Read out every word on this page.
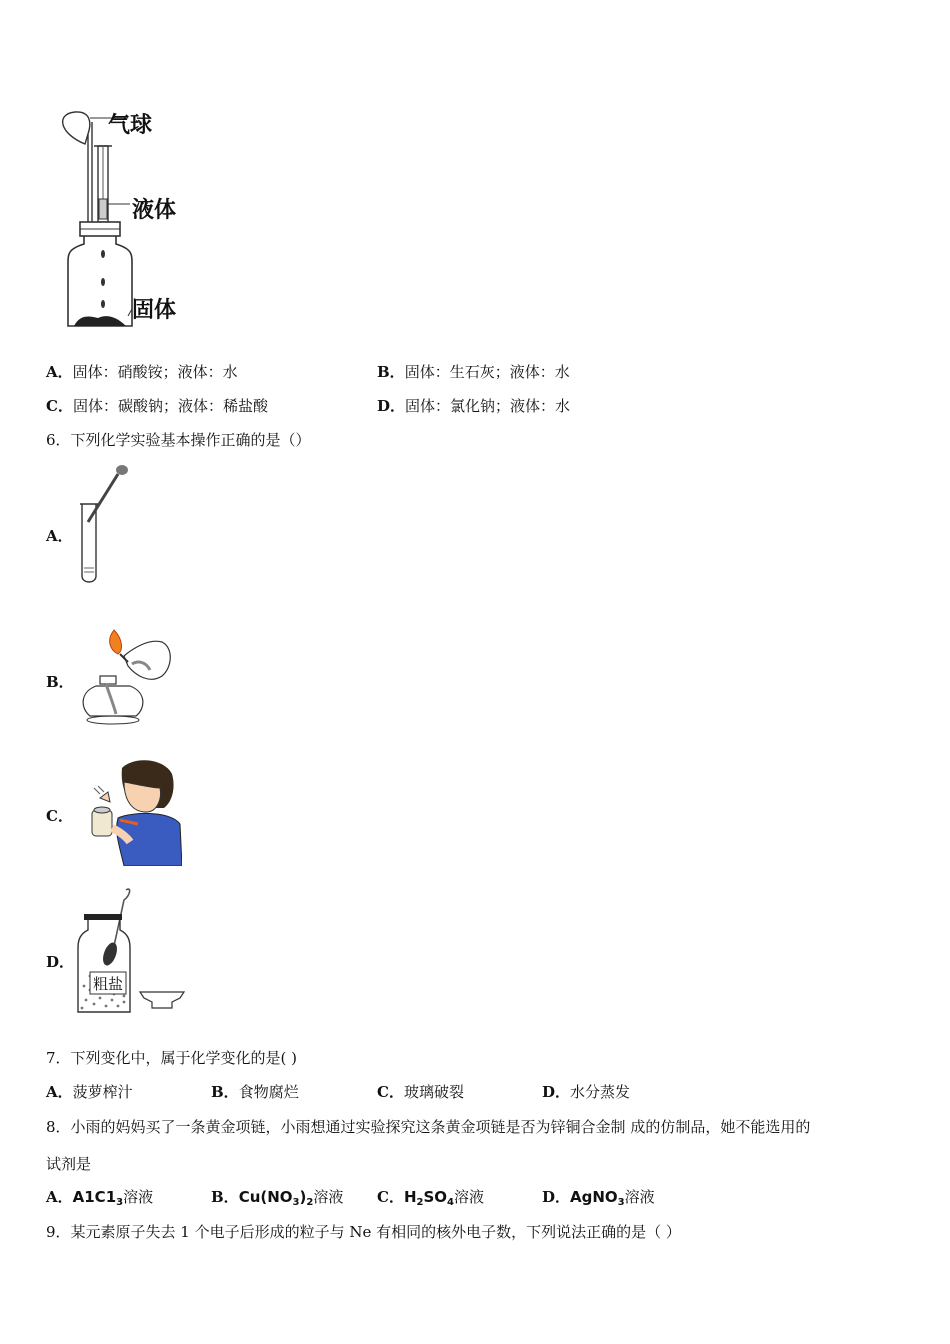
气球
液体
固体
A．固体：硝酸铵；液体：水	B．固体：生石灰；液体：水
C．固体：碳酸钠；液体：稀盐酸	D．固体：氯化钠；液体：水
6．下列化学实验基本操作正确的是（）
A．
B．
C．
D．
粗盐
7．下列变化中，属于化学变化的是( )
A．菠萝榨汁	B．食物腐烂	C．玻璃破裂	D．水分蒸发
8．小雨的妈妈买了一条黄金项链，小雨想通过实验探究这条黄金项链是否为锌铜合金制 成的仿制品，她不能选用的
试剂是
A．$A1C1_3$溶液	B．$Cu(NO_3)_2$溶液 C．$H_2SO_4$溶液	D．AgNO$_3$溶液
9．某元素原子失去 1 个电子后形成的粒子与 Ne 有相同的核外电子数，下列说法正确的是（ ）
